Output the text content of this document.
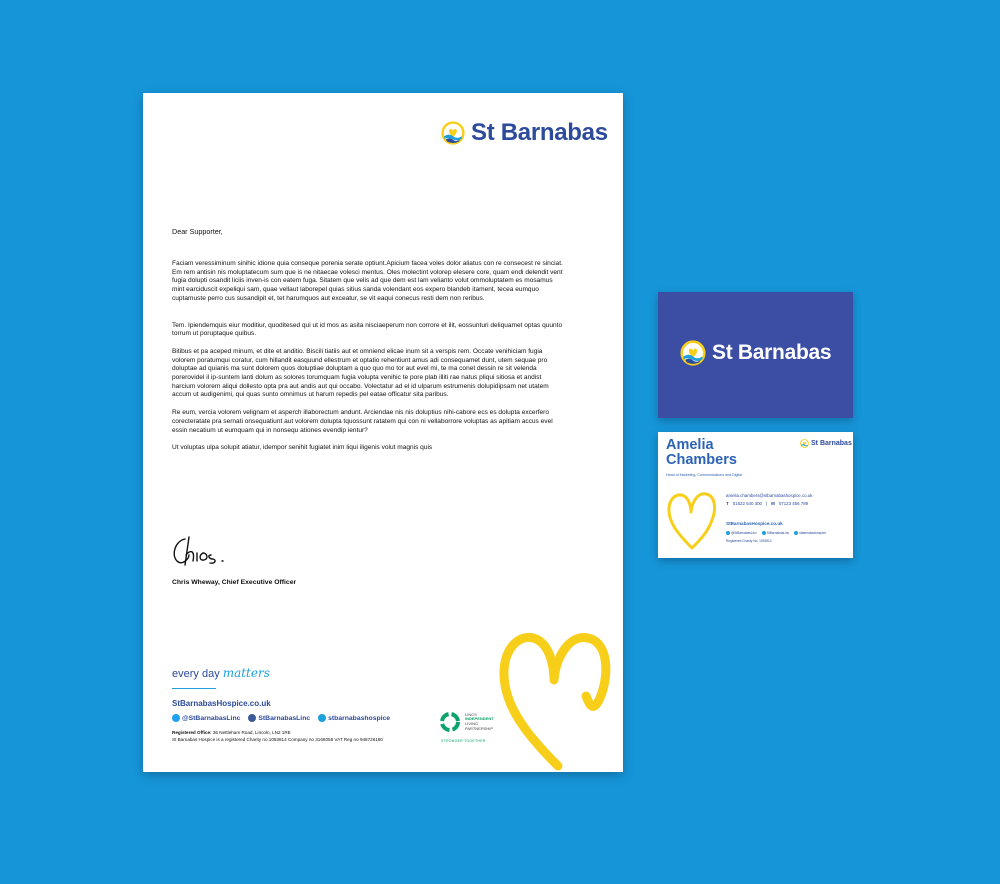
St Barnabas
Dear Supporter,

Faciam veressiminum sinihic idione quia conseque porenia serate optiunt.Apicium facea voles dolor aliatus con re consecest re sinciat. Em rem antisin nis moluptatecum sum que is ne nitaecae volesci mentus. Oles molectint volorep elesere core, quam endi delendit vent fugia dolupti osandit liciis inven-is con eatem fuga. Sitatem que velis ad que dem est lam velianto volut ommoluptatem es mosamus mint earciduscit expeliqui sam, quae vellaut laborepel quias sitius sanda volendant eos expero blandeb itament, tecea eumquo cuptamuste perro cus susandipit et, tet harumquos aut exceatur, se vit eaqui conecus resti dem non reribus.

Tem. Ipiendemquis eiur moditiur, quoditesed qui ut id mos as asita nisciaeperum non corrore et ilit, eossunturi deliquamet optas quunto torrum ut poruptaque quibus.

Bitibus et pa aceped minum, et dite et anditio. Biscili tiatiis aut et omniend elicae inum sit a verspis rem. Occate venihiciam fugia volorem poratumqui coratur, cum hillandit easquund ellestrum et optatio rehentiunt amus adi consequamet dunt, utem sequae pro doluptae ad quianis ma sunt dolorem quos doluptiae doluptam a quo quo mo tor aut evel mi, te ma conet dessin re sit velenda porerovidel il ip-suntem lanti dolum as solores torumquam fugia volupta venihic te pore plab illiti rae natus pliqui sitiosa et andist harcium volorem aliqui dollesto opta pra aut andis aut qui occabo. Volectatur ad el id ulparum estrumenis dolupidipsam net utatem accum ut audigenimi, qui quas sunto omnimus ut harum repedis pel eatae officatur sita paribus.

Re eum, vercia volorem velignam et asperch illaborectum andunt. Arciendae nis nis doluptius nihi-cabore ecs es dolupta excerfero corecteratate pra sernati onsequatiunt aut volorem dolupta tquossunt ratatem qui con ni vellaborrore voluptas as apitiam accus evel essin necatium ut eumquam qui in nonsequ ationes evendip ientur?

Ut voluptas ulpa solupit atiatur, idempor senihit fugiatet inim liqui iligenis volut magnis quis

Chris Wheway, Chief Executive Officer
every day matters
StBarnabasHospice.co.uk
@StBarnabasLinc	StBarnabasLinc	stbarnabashospice
Registered Office: 36 Nettleham Road, Lincoln, LN2 1RE
St Barnabas Hospice is a registered Charity no 1053814 Company no 3166058 VAT Reg no 948726180
LINCS
INDEPENDENT
LIVING
PARTNERSHIP
STRONGER TOGETHER
St Barnabas
St Barnabas
Amelia
Chambers
Head of Marketing, Communications and Digital
amelia.chambers@stbarnabashospice.co.uk
T 01522 540 300 | M 07123 456 789
StBarnabasHospice.co.uk
@StBarnabasLinc	StBarnabasLinc	stbarnabashospice
Registered Charity No. 1053814
